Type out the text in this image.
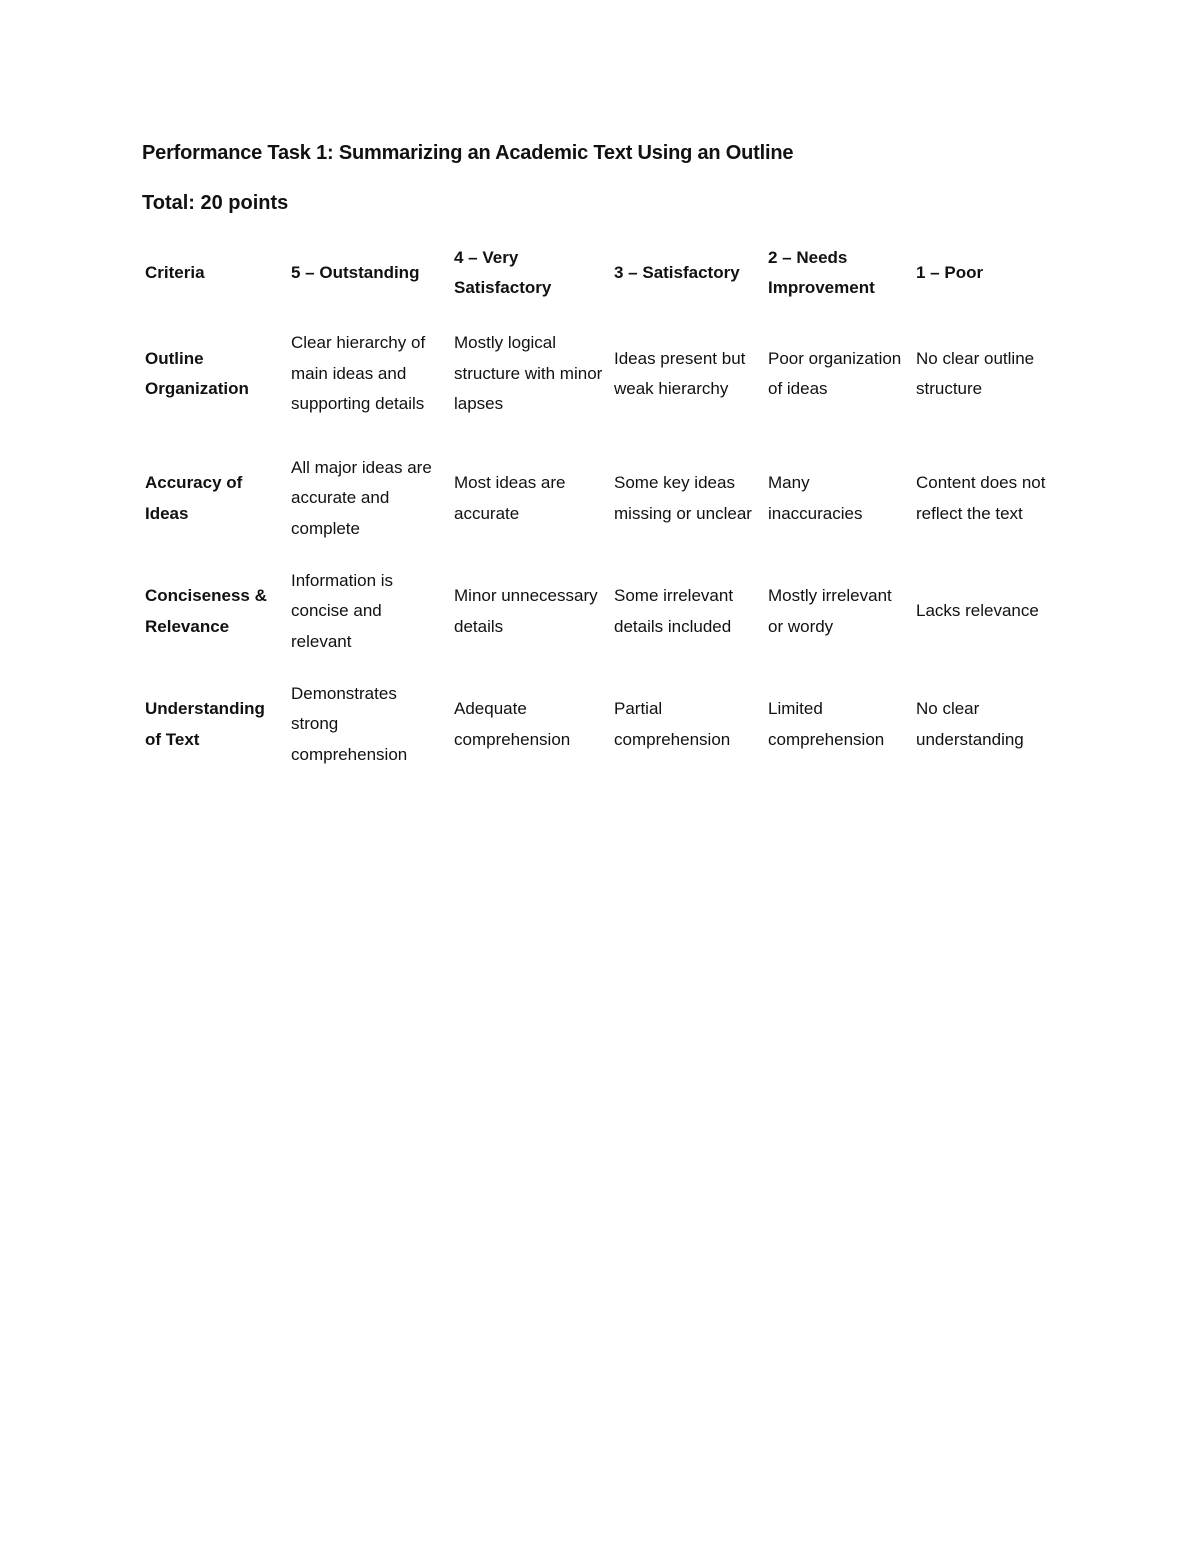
Performance Task 1: Summarizing an Academic Text Using an Outline
Total: 20 points
Criteria	5 – Outstanding	4 – Very Satisfactory	3 – Satisfactory	2 – Needs Improvement	1 – Poor
Outline Organization	Clear hierarchy of main ideas and supporting details	Mostly logical structure with minor lapses	Ideas present but weak hierarchy	Poor organization of ideas	No clear outline structure
Accuracy of Ideas	All major ideas are accurate and complete	Most ideas are accurate	Some key ideas missing or unclear	Many inaccuracies	Content does not reflect the text
Conciseness & Relevance	Information is concise and relevant	Minor unnecessary details	Some irrelevant details included	Mostly irrelevant or wordy	Lacks relevance
Understanding of Text	Demonstrates strong comprehension	Adequate comprehension	Partial comprehension	Limited comprehension	No clear understanding
